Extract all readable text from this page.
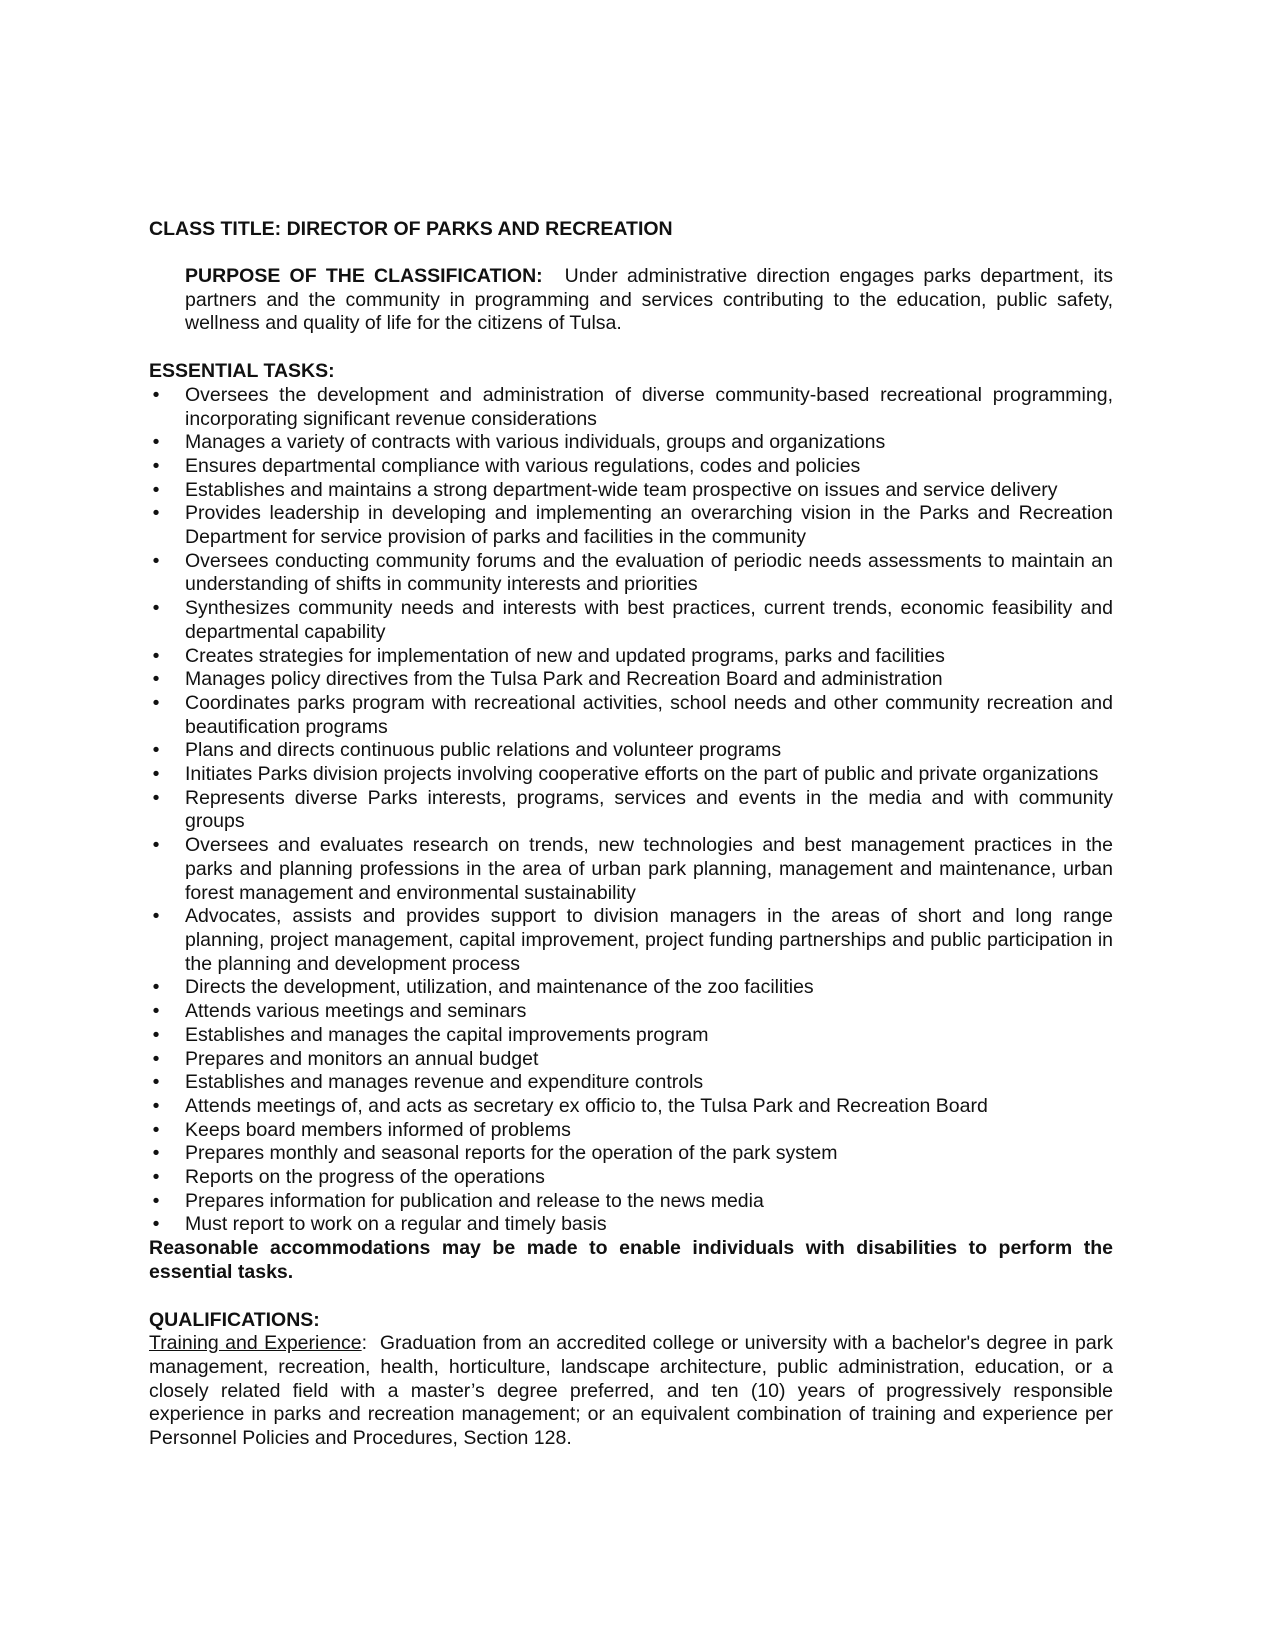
CLASS TITLE: DIRECTOR OF PARKS AND RECREATION

PURPOSE OF THE CLASSIFICATION: Under administrative direction engages parks department, its partners and the community in programming and services contributing to the education, public safety, wellness and quality of life for the citizens of Tulsa.

ESSENTIAL TASKS:

• Oversees the development and administration of diverse community-based recreational programming, incorporating significant revenue considerations
• Manages a variety of contracts with various individuals, groups and organizations
• Ensures departmental compliance with various regulations, codes and policies
• Establishes and maintains a strong department-wide team prospective on issues and service delivery
• Provides leadership in developing and implementing an overarching vision in the Parks and Recreation Department for service provision of parks and facilities in the community
• Oversees conducting community forums and the evaluation of periodic needs assessments to maintain an understanding of shifts in community interests and priorities
• Synthesizes community needs and interests with best practices, current trends, economic feasibility and departmental capability
• Creates strategies for implementation of new and updated programs, parks and facilities
• Manages policy directives from the Tulsa Park and Recreation Board and administration
• Coordinates parks program with recreational activities, school needs and other community recreation and beautification programs
• Plans and directs continuous public relations and volunteer programs
• Initiates Parks division projects involving cooperative efforts on the part of public and private organizations
• Represents diverse Parks interests, programs, services and events in the media and with community groups
• Oversees and evaluates research on trends, new technologies and best management practices in the parks and planning professions in the area of urban park planning, management and maintenance, urban forest management and environmental sustainability
• Advocates, assists and provides support to division managers in the areas of short and long range planning, project management, capital improvement, project funding partnerships and public participation in the planning and development process
• Directs the development, utilization, and maintenance of the zoo facilities
• Attends various meetings and seminars
• Establishes and manages the capital improvements program
• Prepares and monitors an annual budget
• Establishes and manages revenue and expenditure controls
• Attends meetings of, and acts as secretary ex officio to, the Tulsa Park and Recreation Board
• Keeps board members informed of problems
• Prepares monthly and seasonal reports for the operation of the park system
• Reports on the progress of the operations
• Prepares information for publication and release to the news media
• Must report to work on a regular and timely basis

Reasonable accommodations may be made to enable individuals with disabilities to perform the essential tasks.

QUALIFICATIONS:

Training and Experience:  Graduation from an accredited college or university with a bachelor's degree in park management, recreation, health, horticulture, landscape architecture, public administration, education, or a closely related field with a master’s degree preferred, and ten (10) years of progressively responsible experience in parks and recreation management; or an equivalent combination of training and experience per Personnel Policies and Procedures, Section 128.
